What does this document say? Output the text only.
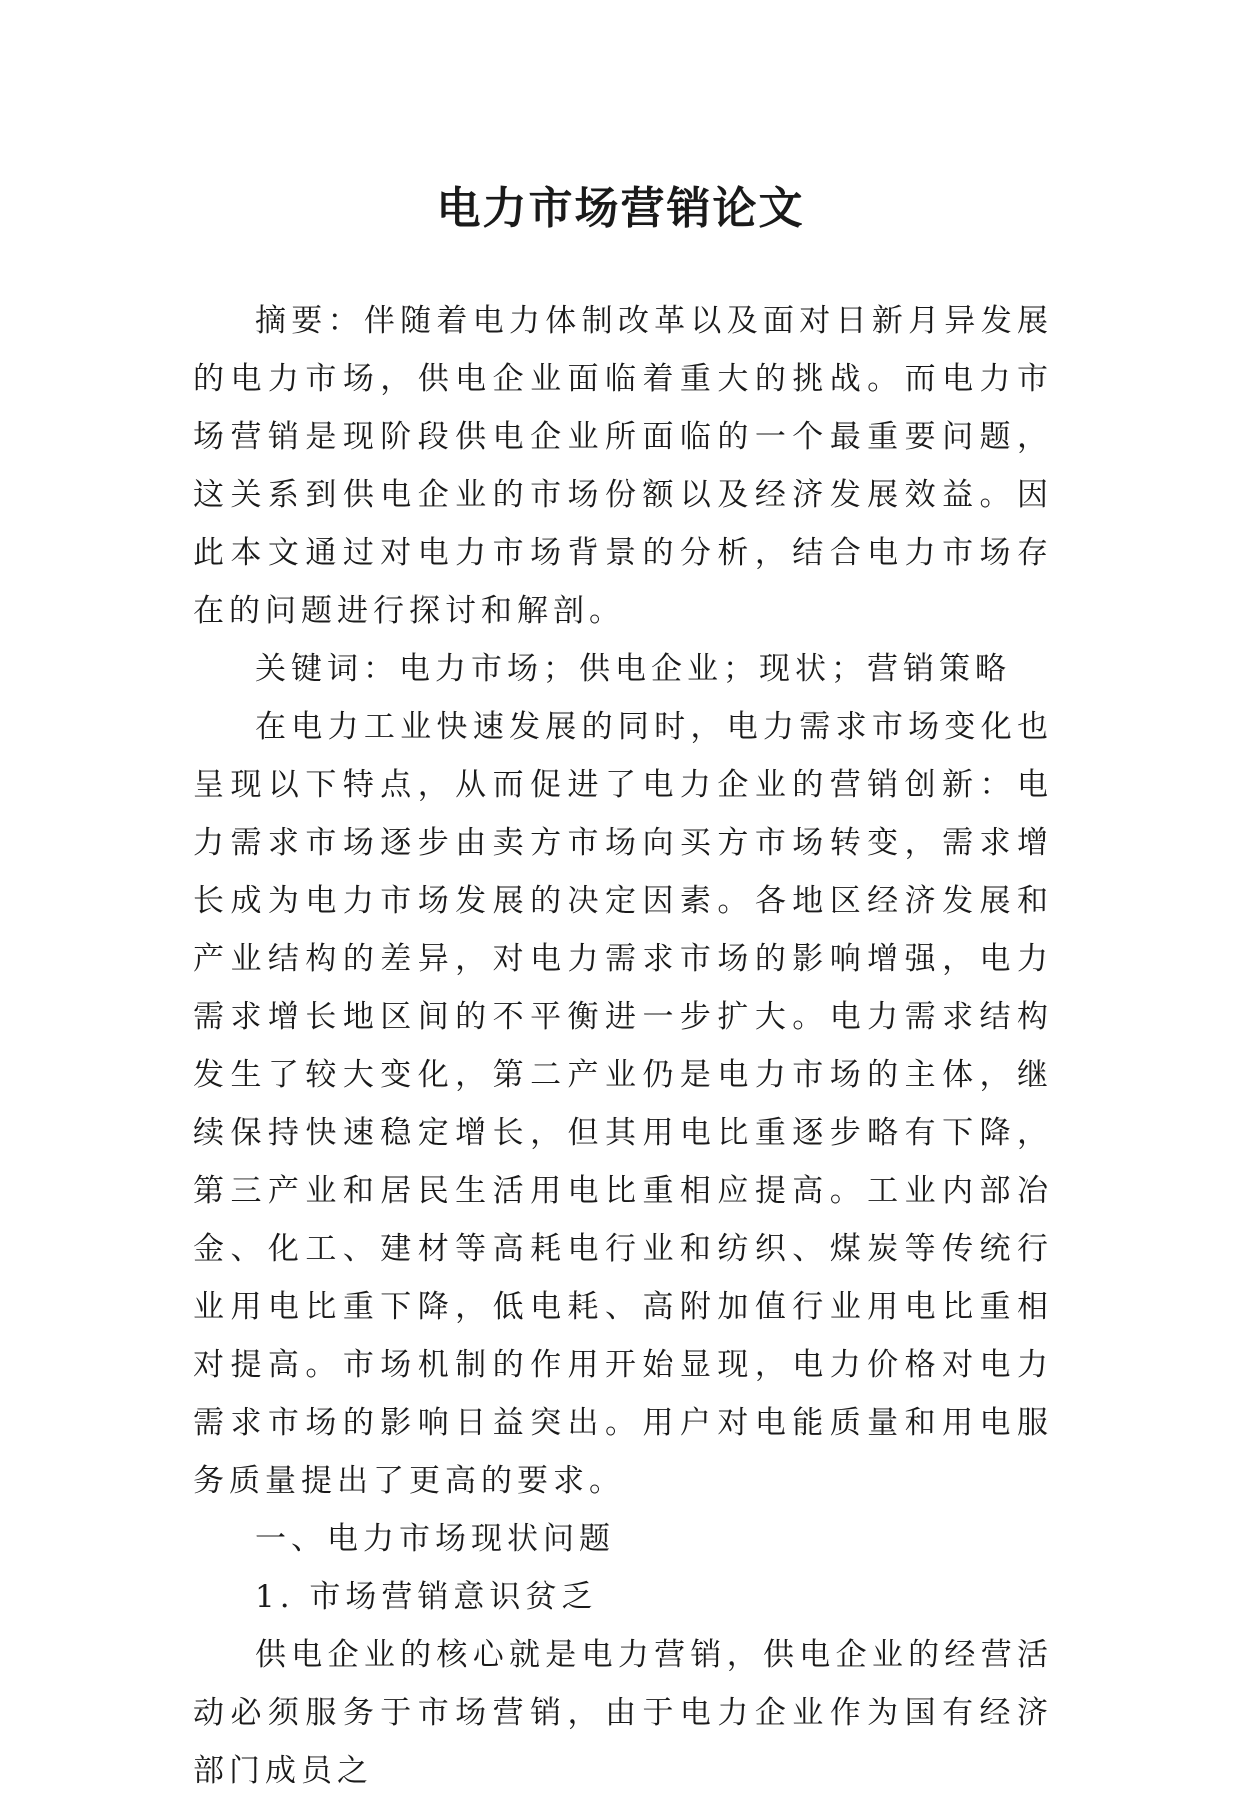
电力市场营销论文

摘要：伴随着电力体制改革以及面对日新月异发展的电力市场，供电企业面临着重大的挑战。而电力市场营销是现阶段供电企业所面临的一个最重要问题，这关系到供电企业的市场份额以及经济发展效益。因此本文通过对电力市场背景的分析，结合电力市场存在的问题进行探讨和解剖。

关键词：电力市场；供电企业；现状；营销策略

在电力工业快速发展的同时，电力需求市场变化也呈现以下特点，从而促进了电力企业的营销创新：电力需求市场逐步由卖方市场向买方市场转变，需求增长成为电力市场发展的决定因素。各地区经济发展和产业结构的差异，对电力需求市场的影响增强，电力需求增长地区间的不平衡进一步扩大。电力需求结构发生了较大变化，第二产业仍是电力市场的主体，继续保持快速稳定增长，但其用电比重逐步略有下降，第三产业和居民生活用电比重相应提高。工业内部冶金、化工、建材等高耗电行业和纺织、煤炭等传统行业用电比重下降，低电耗、高附加值行业用电比重相对提高。市场机制的作用开始显现，电力价格对电力需求市场的影响日益突出。用户对电能质量和用电服务质量提出了更高的要求。

一、电力市场现状问题

1. 市场营销意识贫乏

供电企业的核心就是电力营销，供电企业的经营活动必须服务于市场营销，由于电力企业作为国有经济部门成员之
